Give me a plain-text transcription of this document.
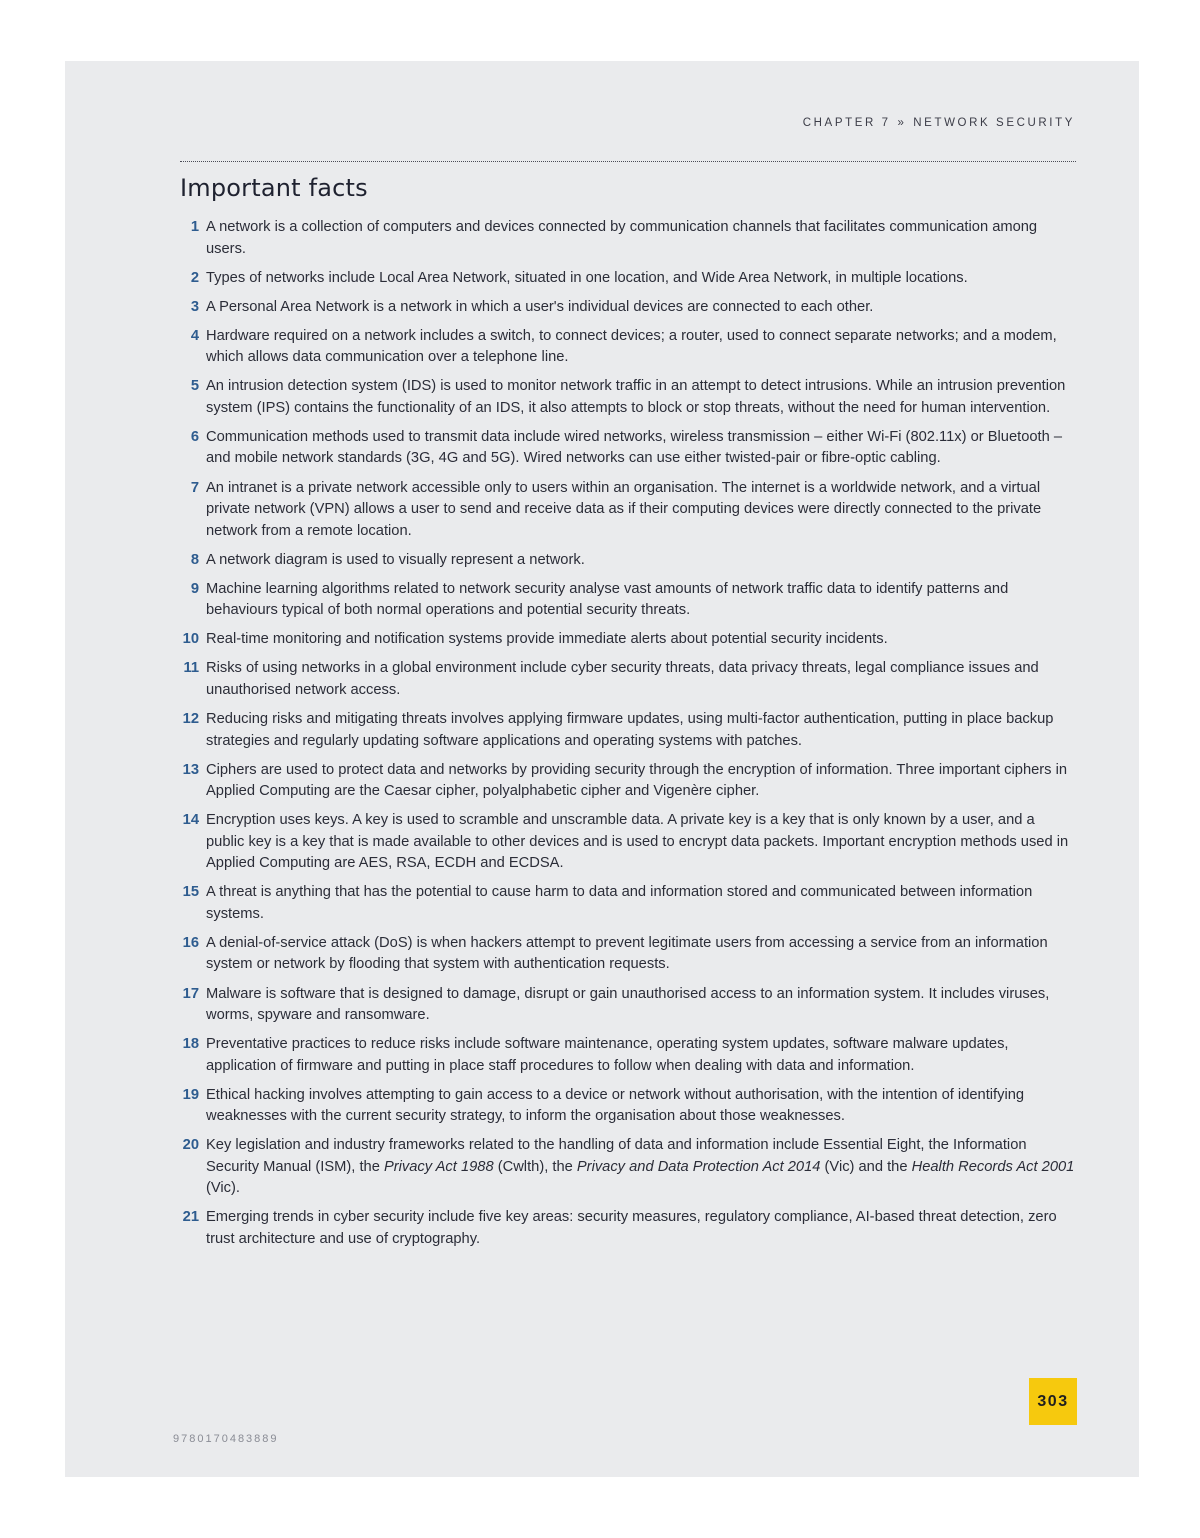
CHAPTER 7 » NETWORK SECURITY
Important facts
1 A network is a collection of computers and devices connected by communication channels that facilitates communication among users.
2 Types of networks include Local Area Network, situated in one location, and Wide Area Network, in multiple locations.
3 A Personal Area Network is a network in which a user's individual devices are connected to each other.
4 Hardware required on a network includes a switch, to connect devices; a router, used to connect separate networks; and a modem, which allows data communication over a telephone line.
5 An intrusion detection system (IDS) is used to monitor network traffic in an attempt to detect intrusions. While an intrusion prevention system (IPS) contains the functionality of an IDS, it also attempts to block or stop threats, without the need for human intervention.
6 Communication methods used to transmit data include wired networks, wireless transmission – either Wi-Fi (802.11x) or Bluetooth – and mobile network standards (3G, 4G and 5G). Wired networks can use either twisted-pair or fibre-optic cabling.
7 An intranet is a private network accessible only to users within an organisation. The internet is a worldwide network, and a virtual private network (VPN) allows a user to send and receive data as if their computing devices were directly connected to the private network from a remote location.
8 A network diagram is used to visually represent a network.
9 Machine learning algorithms related to network security analyse vast amounts of network traffic data to identify patterns and behaviours typical of both normal operations and potential security threats.
10 Real-time monitoring and notification systems provide immediate alerts about potential security incidents.
11 Risks of using networks in a global environment include cyber security threats, data privacy threats, legal compliance issues and unauthorised network access.
12 Reducing risks and mitigating threats involves applying firmware updates, using multi-factor authentication, putting in place backup strategies and regularly updating software applications and operating systems with patches.
13 Ciphers are used to protect data and networks by providing security through the encryption of information. Three important ciphers in Applied Computing are the Caesar cipher, polyalphabetic cipher and Vigenère cipher.
14 Encryption uses keys. A key is used to scramble and unscramble data. A private key is a key that is only known by a user, and a public key is a key that is made available to other devices and is used to encrypt data packets. Important encryption methods used in Applied Computing are AES, RSA, ECDH and ECDSA.
15 A threat is anything that has the potential to cause harm to data and information stored and communicated between information systems.
16 A denial-of-service attack (DoS) is when hackers attempt to prevent legitimate users from accessing a service from an information system or network by flooding that system with authentication requests.
17 Malware is software that is designed to damage, disrupt or gain unauthorised access to an information system. It includes viruses, worms, spyware and ransomware.
18 Preventative practices to reduce risks include software maintenance, operating system updates, software malware updates, application of firmware and putting in place staff procedures to follow when dealing with data and information.
19 Ethical hacking involves attempting to gain access to a device or network without authorisation, with the intention of identifying weaknesses with the current security strategy, to inform the organisation about those weaknesses.
20 Key legislation and industry frameworks related to the handling of data and information include Essential Eight, the Information Security Manual (ISM), the Privacy Act 1988 (Cwlth), the Privacy and Data Protection Act 2014 (Vic) and the Health Records Act 2001 (Vic).
21 Emerging trends in cyber security include five key areas: security measures, regulatory compliance, AI-based threat detection, zero trust architecture and use of cryptography.
303
9780170483889
